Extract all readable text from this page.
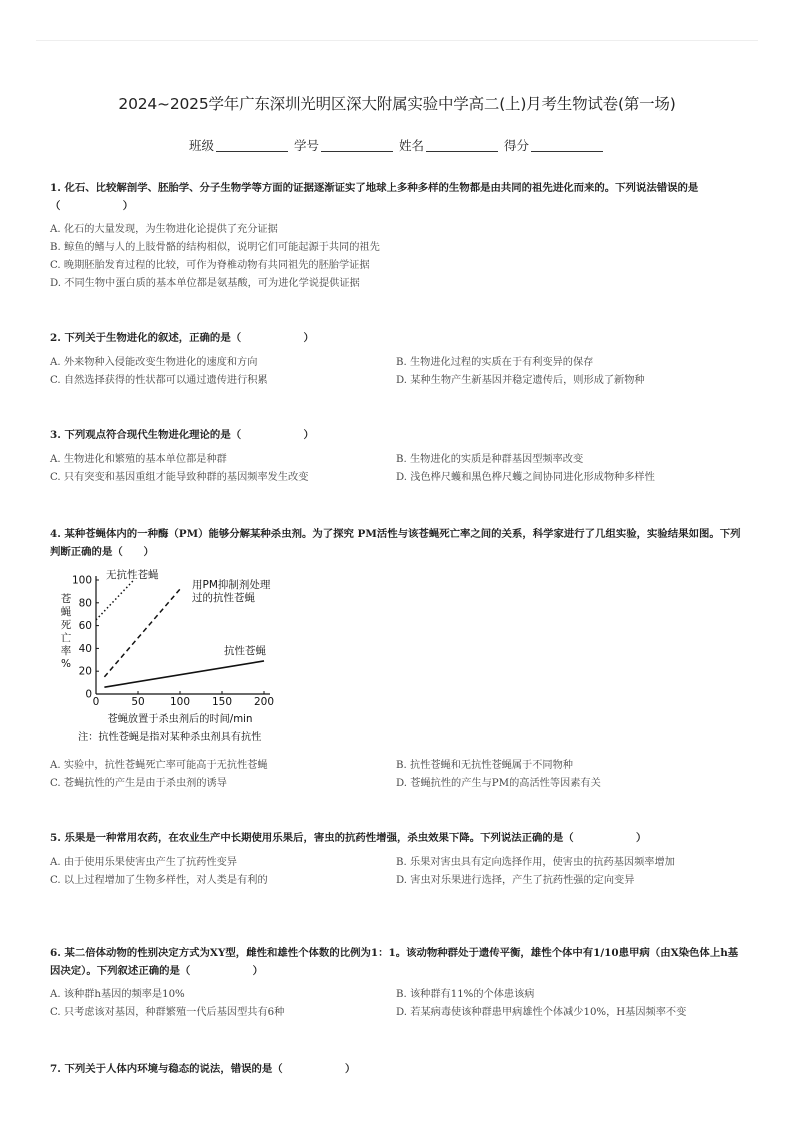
2024~2025学年广东深圳光明区深大附属实验中学高二(上)月考生物试卷(第一场)
班级	学号	姓名	得分
1. 化石、比较解剖学、胚胎学、分子生物学等方面的证据逐渐证实了地球上多种多样的生物都是由共同的祖先进化而来的。下列说法错误的是（　　　　　　）
A. 化石的大量发现，为生物进化论提供了充分证据
B. 鲸鱼的鳍与人的上肢骨骼的结构相似，说明它们可能起源于共同的祖先
C. 晚期胚胎发育过程的比较，可作为脊椎动物有共同祖先的胚胎学证据
D. 不同生物中蛋白质的基本单位都是氨基酸，可为进化学说提供证据
2. 下列关于生物进化的叙述，正确的是（　　　　　　）
A. 外来物种入侵能改变生物进化的速度和方向	B. 生物进化过程的实质在于有利变异的保存
C. 自然选择获得的性状都可以通过遗传进行积累	D. 某种生物产生新基因并稳定遗传后，则形成了新物种
3. 下列观点符合现代生物进化理论的是（　　　　　　）
A. 生物进化和繁殖的基本单位都是种群	B. 生物进化的实质是种群基因型频率改变
C. 只有突变和基因重组才能导致种群的基因频率发生改变	D. 浅色桦尺蠖和黑色桦尺蠖之间协同进化形成物种多样性
4. 某种苍蝇体内的一种酶（PM）能够分解某种杀虫剂。为了探究 PM活性与该苍蝇死亡率之间的关系，科学家进行了几组实验，实验结果如图。下列判断正确的是（　　）
0	50 100 150 200
0
20
40
60
80
100
苍蝇死亡率%
苍蝇放置于杀虫剂后的时间/min
注：抗性苍蝇是指对某种杀虫剂具有抗性
无抗性苍蝇
用PM抑制剂处理过的抗性苍蝇
抗性苍蝇
A. 实验中，抗性苍蝇死亡率可能高于无抗性苍蝇	B. 抗性苍蝇和无抗性苍蝇属于不同物种
C. 苍蝇抗性的产生是由于杀虫剂的诱导	D. 苍蝇抗性的产生与PM的高活性等因素有关
5. 乐果是一种常用农药，在农业生产中长期使用乐果后，害虫的抗药性增强，杀虫效果下降。下列说法正确的是（　　　　　　）
A. 由于使用乐果使害虫产生了抗药性变异	B. 乐果对害虫具有定向选择作用，使害虫的抗药基因频率增加
C. 以上过程增加了生物多样性，对人类是有利的	D. 害虫对乐果进行选择，产生了抗药性强的定向变异
6. 某二倍体动物的性别决定方式为XY型，雌性和雄性个体数的比例为1：1。该动物种群处于遗传平衡，雄性个体中有1/10患甲病（由X染色体上h基因决定）。下列叙述正确的是（　　　　　　）
A. 该种群h基因的频率是10%	B. 该种群有11%的个体患该病
C. 只考虑该对基因，种群繁殖一代后基因型共有6种	D. 若某病毒使该种群患甲病雄性个体减少10%，H基因频率不变
7. 下列关于人体内环境与稳态的说法，错误的是（　　　　　　）
